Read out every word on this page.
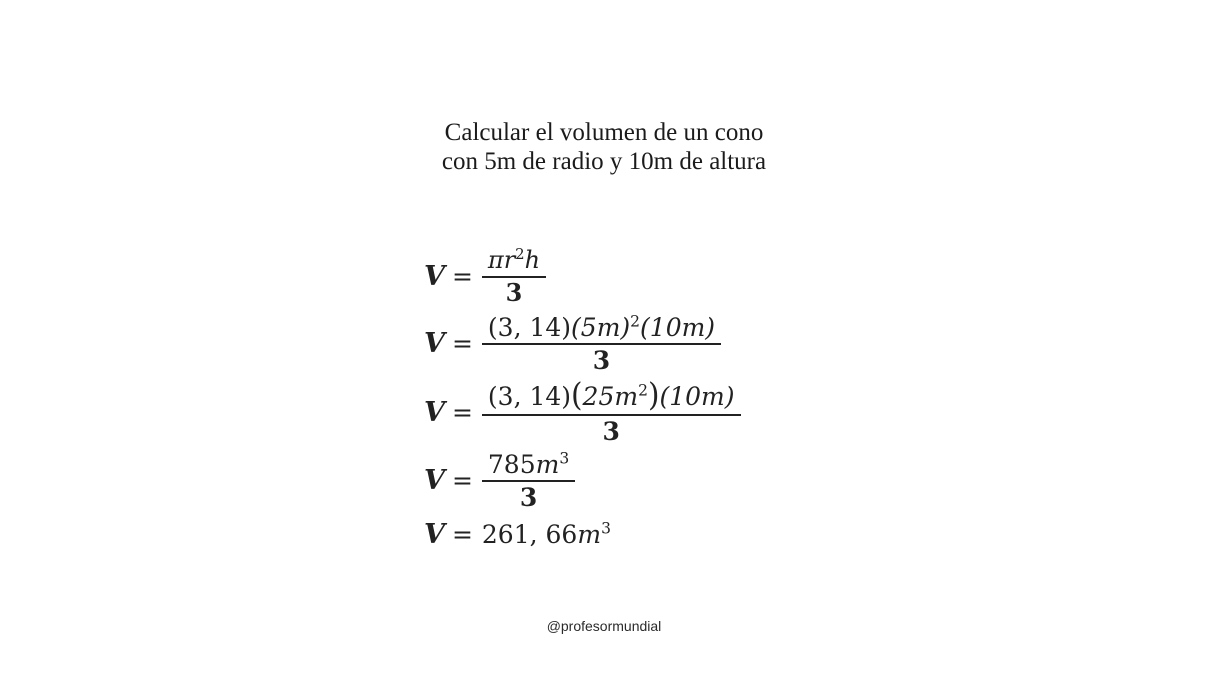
Calcular el volumen de un cono
con 5m de radio y 10m de altura
$V = \frac{\pi r^2h}{3}$
$V = \frac{(3, 14)(5m)^2(10m)}{3}$
$V = \frac{(3, 14)(25m^2)(10m)}{3}$
$V = \frac{785m^3}{3}$
V = 261, $66m^3$
@profesormundial
